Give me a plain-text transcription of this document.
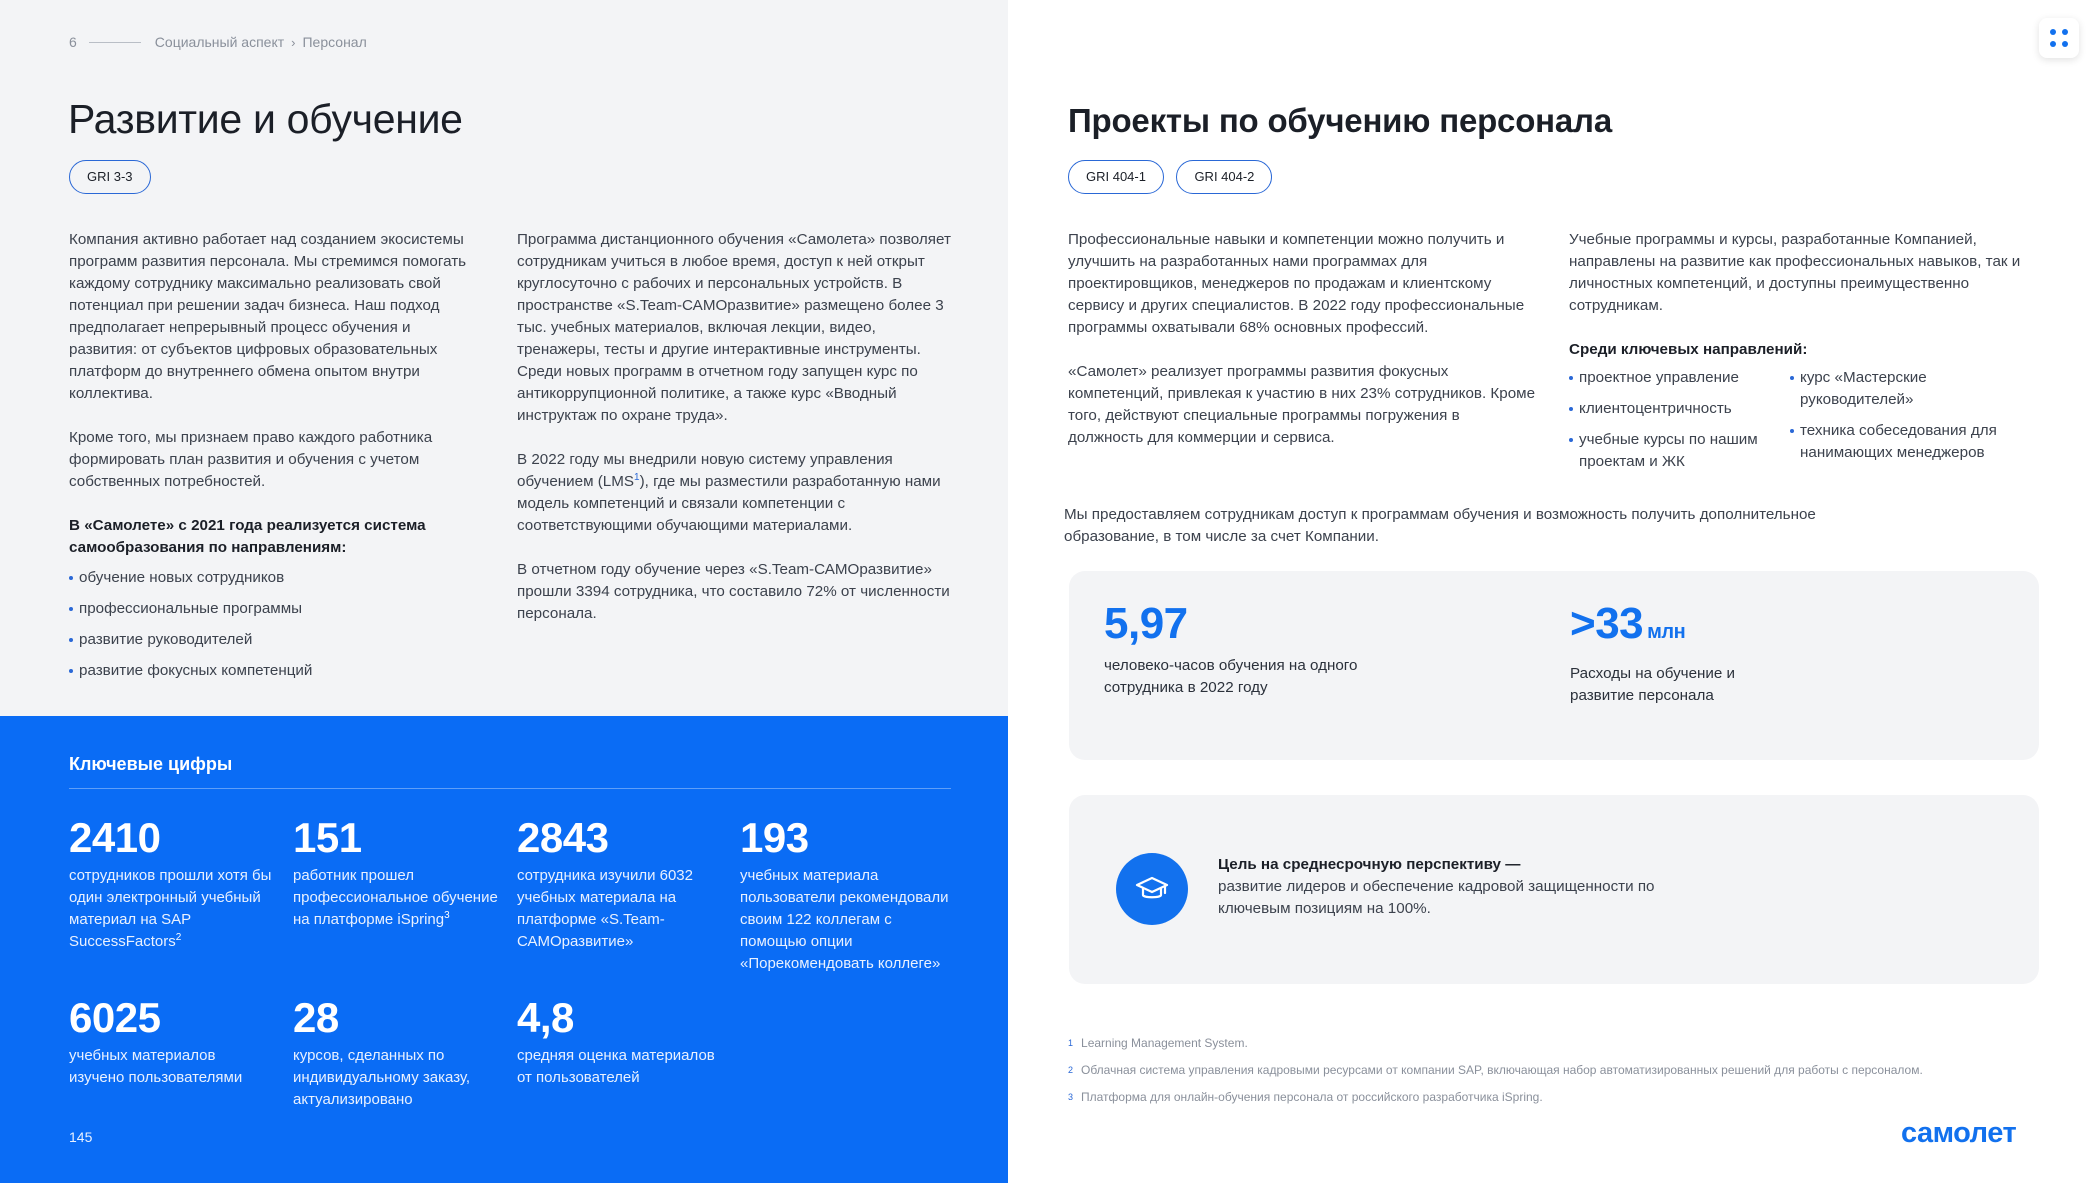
6	Социальный аспект › Персонал
Развитие и обучение
GRI 3-3

Компания активно работает над созданием экосистемы программ развития персонала. Мы стремимся помогать каждому сотруднику максимально реализовать свой потенциал при решении задач бизнеса. Наш подход предполагает непрерывный процесс обучения и развития: от субъектов цифровых образовательных платформ до внутреннего обмена опытом внутри коллектива.

Кроме того, мы признаем право каждого работника формировать план развития и обучения с учетом собственных потребностей.

В «Самолете» с 2021 года реализуется система самообразования по направлениям:

обучение новых сотрудников
профессиональные программы
развитие руководителей
развитие фокусных компетенций

Программа дистанционного обучения «Самолета» позволяет сотрудникам учиться в любое время, доступ к ней открыт круглосуточно с рабочих и персональных устройств. В пространстве «S.Team-САМОразвитие» размещено более 3 тыс. учебных материалов, включая лекции, видео, тренажеры, тесты и другие интерактивные инструменты. Среди новых программ в отчетном году запущен курс по антикоррупционной политике, а также курс «Вводный инструктаж по охране труда».

В 2022 году мы внедрили новую систему управления обучением (LMS$^1$), где мы разместили разработанную нами модель компетенций и связали компетенции с соответствующими обучающими материалами.

В отчетном году обучение через «S.Team-САМОразвитие» прошли 3394 сотрудника, что составило 72% от численности персонала.

Ключевые цифры
2410
сотрудников прошли хотя бы один электронный учебный материал на SAP SuccessFactors$^2$
151
работник прошел профессиональное обучение на платформе iSpring$^3$
2843
сотрудника изучили 6032 учебных материала на платформе «S.Team-САМОразвитие»
193
учебных материала пользователи рекомендовали своим 122 коллегам с помощью опции «Порекомендовать коллеге»
6025
учебных материалов изучено пользователями
28
курсов, сделанных по индивидуальному заказу, актуализировано
4,8
средняя оценка материалов от пользователей
145
Проекты по обучению персонала
GRI 404-1	GRI 404-2

Профессиональные навыки и компетенции можно получить и улучшить на разработанных нами программах для проектировщиков, менеджеров по продажам и клиентскому сервису и других специалистов. В 2022 году профессиональные программы охватывали 68% основных профессий.

«Самолет» реализует программы развития фокусных компетенций, привлекая к участию в них 23% сотрудников. Кроме того, действуют специальные программы погружения в должность для коммерции и сервиса.

Учебные программы и курсы, разработанные Компанией, направлены на развитие как профессиональных навыков, так и личностных компетенций, и доступны преимущественно сотрудникам.

Среди ключевых направлений:

проектное управление
клиентоцентричность
учебные курсы по нашим проектам и ЖК
курс «Мастерские руководителей»
техника собеседования для нанимающих менеджеров

Мы предоставляем сотрудникам доступ к программам обучения и возможность получить дополнительное образование, в том числе за счет Компании.

5,97
человеко-часов обучения на одного сотрудника в 2022 году
>33 млн
Расходы на обучение и развитие персонала
Цель на среднесрочную перспективу —
развитие лидеров и обеспечение кадровой защищенности по ключевым позициям на 100%.
$^1$ Learning Management System.
$^2$ Облачная система управления кадровыми ресурсами от компании SAP, включающая набор автоматизированных решений для работы с персоналом.
$^3$ Платформа для онлайн-обучения персонала от российского разработчика iSpring.
самолет
